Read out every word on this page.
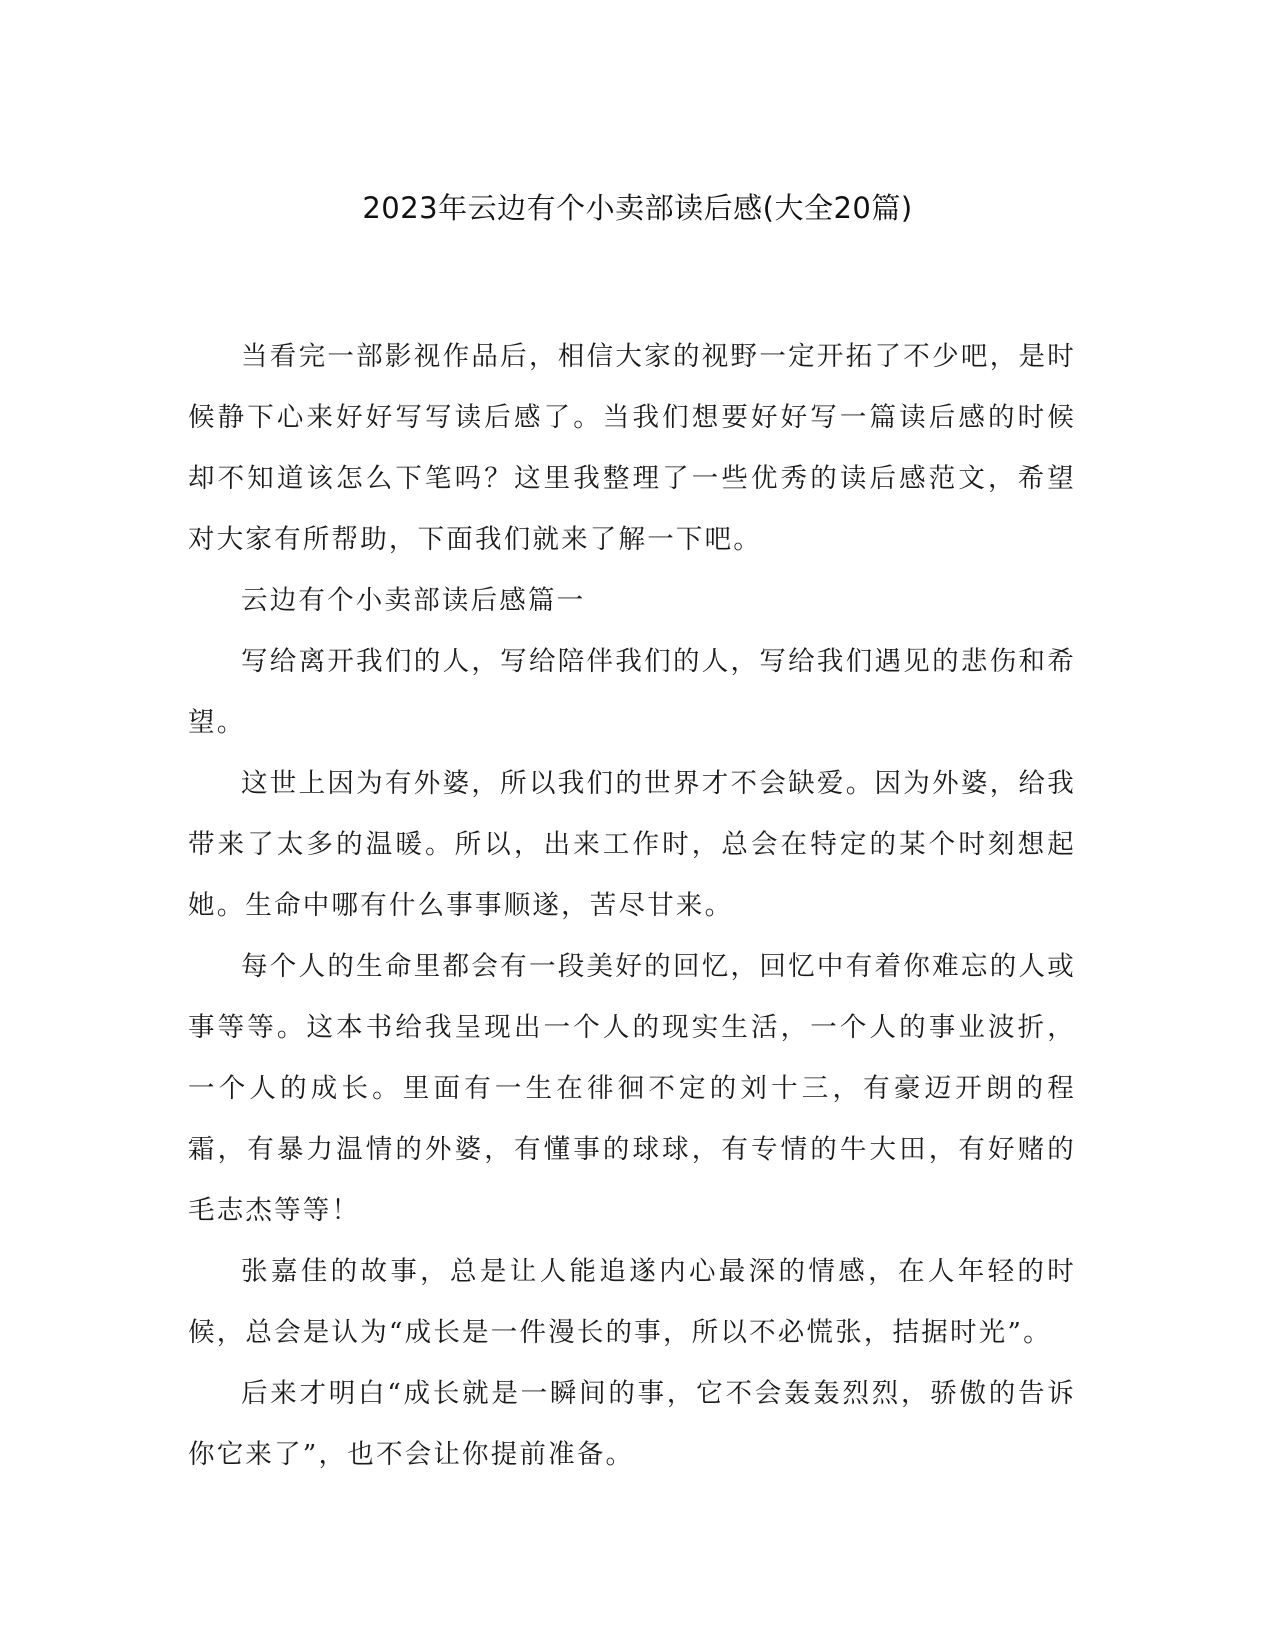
2023年云边有个小卖部读后感(大全20篇)

当看完一部影视作品后，相信大家的视野一定开拓了不少吧，是时候静下心来好好写写读后感了。当我们想要好好写一篇读后感的时候却不知道该怎么下笔吗？这里我整理了一些优秀的读后感范文，希望对大家有所帮助，下面我们就来了解一下吧。

云边有个小卖部读后感篇一

写给离开我们的人，写给陪伴我们的人，写给我们遇见的悲伤和希望。

这世上因为有外婆，所以我们的世界才不会缺爱。因为外婆，给我带来了太多的温暖。所以，出来工作时，总会在特定的某个时刻想起她。生命中哪有什么事事顺遂，苦尽甘来。

每个人的生命里都会有一段美好的回忆，回忆中有着你难忘的人或事等等。这本书给我呈现出一个人的现实生活，一个人的事业波折，一个人的成长。里面有一生在徘徊不定的刘十三，有豪迈开朗的程霜，有暴力温情的外婆，有懂事的球球，有专情的牛大田，有好赌的毛志杰等等！

张嘉佳的故事，总是让人能追遂内心最深的情感，在人年轻的时候，总会是认为“成长是一件漫长的事，所以不必慌张，拮据时光”。

后来才明白“成长就是一瞬间的事，它不会轰轰烈烈，骄傲的告诉你它来了”，也不会让你提前准备。
